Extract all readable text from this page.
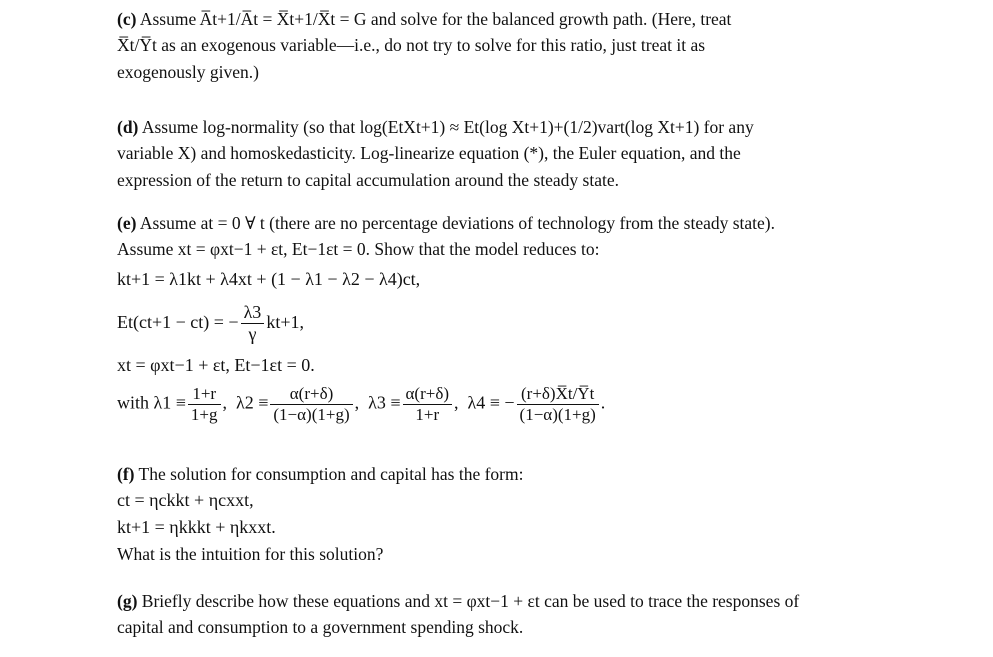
(c) Assume A̅t+1/A̅t = X̅t+1/X̅t = G and solve for the balanced growth path. (Here, treat

X̅t/Y̅t as an exogenous variable—i.e., do not try to solve for this ratio, just treat it as

exogenously given.)

(d) Assume log-normality (so that log(EtXt+1) ≈ Et(log Xt+1)+(1/2)vart(log Xt+1) for any

variable X) and homoskedasticity. Log-linearize equation (*), the Euler equation, and the

expression of the return to capital accumulation around the steady state.

(e) Assume at = 0 ∀ t (there are no percentage deviations of technology from the steady state).

Assume xt = φxt−1 + εt, Et−1εt = 0. Show that the model reduces to:

kt+1 = λ1kt + λ4xt + (1 − λ1 − λ2 − λ4)ct,
Et(ct+1 − ct) = − $\frac{\lambda 3}{\gamma} kt+1$,
xt = φxt−1 + εt, Et−1εt = 0.
with $\lambda 1 \equiv \frac{1+r}{1+g}$ ,  $\lambda 2 \equiv \frac{\alpha(r+\delta)}{(1-\alpha)(1+g)}$ ,  $\lambda 3 \equiv \frac{\alpha(r+\delta)}{1+r}$ ,  λ4 ≡ − $\frac{(r+\delta)X̅t/Y̅t}{(1-\alpha)(1+g)}$ .

(f) The solution for consumption and capital has the form:

ct = ηckkt + ηcxxt,

kt+1 = ηkkkt + ηkxxt.

What is the intuition for this solution?

(g) Briefly describe how these equations and xt = φxt−1 + εt can be used to trace the responses of

capital and consumption to a government spending shock.
